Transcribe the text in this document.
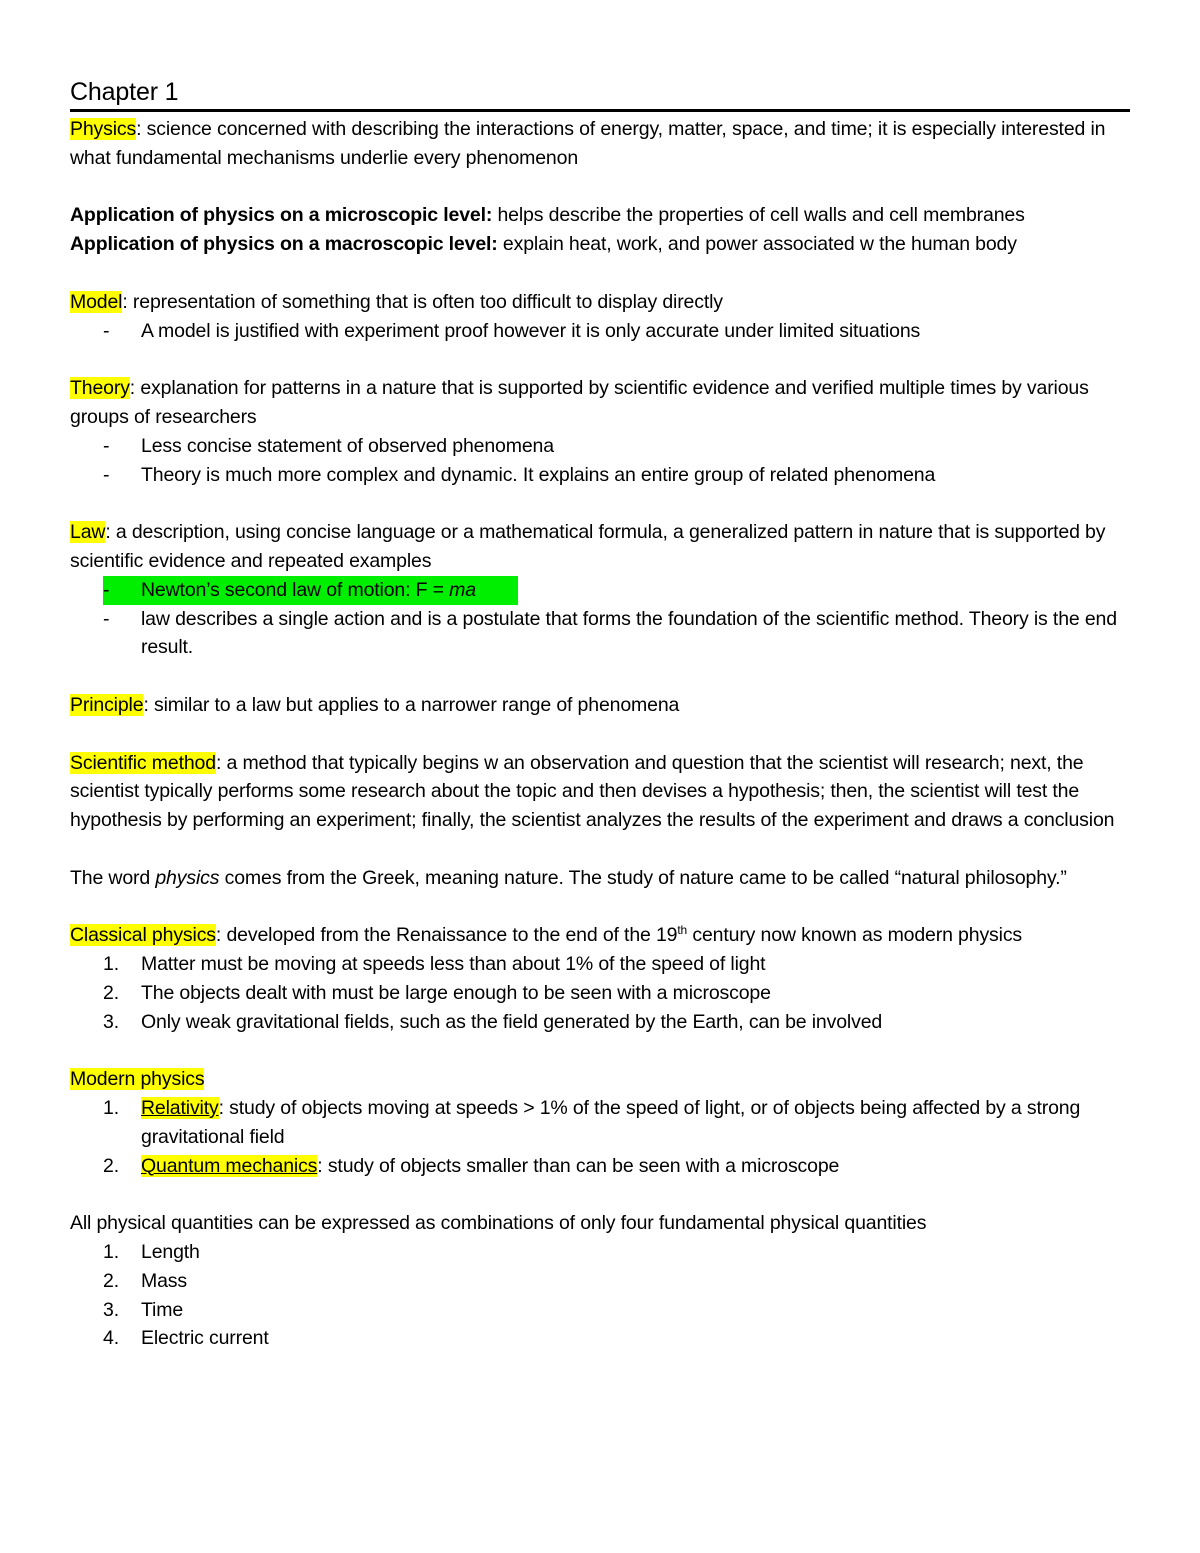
Chapter 1

Physics: science concerned with describing the interactions of energy, matter, space, and time; it is especially interested in what fundamental mechanisms underlie every phenomenon

Application of physics on a microscopic level: helps describe the properties of cell walls and cell membranes

Application of physics on a macroscopic level: explain heat, work, and power associated w the human body

Model: representation of something that is often too difficult to display directly

-	A model is justified with experiment proof however it is only accurate under limited situations

Theory: explanation for patterns in a nature that is supported by scientific evidence and verified multiple times by various groups of researchers

-	Less concise statement of observed phenomena
-	Theory is much more complex and dynamic. It explains an entire group of related phenomena

Law: a description, using concise language or a mathematical formula, a generalized pattern in nature that is supported by scientific evidence and repeated examples

-	Newton’s second law of motion: F = ma
-	law describes a single action and is a postulate that forms the foundation of the scientific method. Theory is the end result.

Principle: similar to a law but applies to a narrower range of phenomena

Scientific method: a method that typically begins w an observation and question that the scientist will research; next, the scientist typically performs some research about the topic and then devises a hypothesis; then, the scientist will test the hypothesis by performing an experiment; finally, the scientist analyzes the results of the experiment and draws a conclusion

The word physics comes from the Greek, meaning nature. The study of nature came to be called “natural philosophy.”

Classical physics: developed from the Renaissance to the end of the 19th century now known as modern physics

1.	Matter must be moving at speeds less than about 1% of the speed of light
2.	The objects dealt with must be large enough to be seen with a microscope
3.	Only weak gravitational fields, such as the field generated by the Earth, can be involved

Modern physics

1.	Relativity: study of objects moving at speeds > 1% of the speed of light, or of objects being affected by a strong gravitational field
2.	Quantum mechanics: study of objects smaller than can be seen with a microscope

All physical quantities can be expressed as combinations of only four fundamental physical quantities

1.	Length
2.	Mass
3.	Time
4.	Electric current
